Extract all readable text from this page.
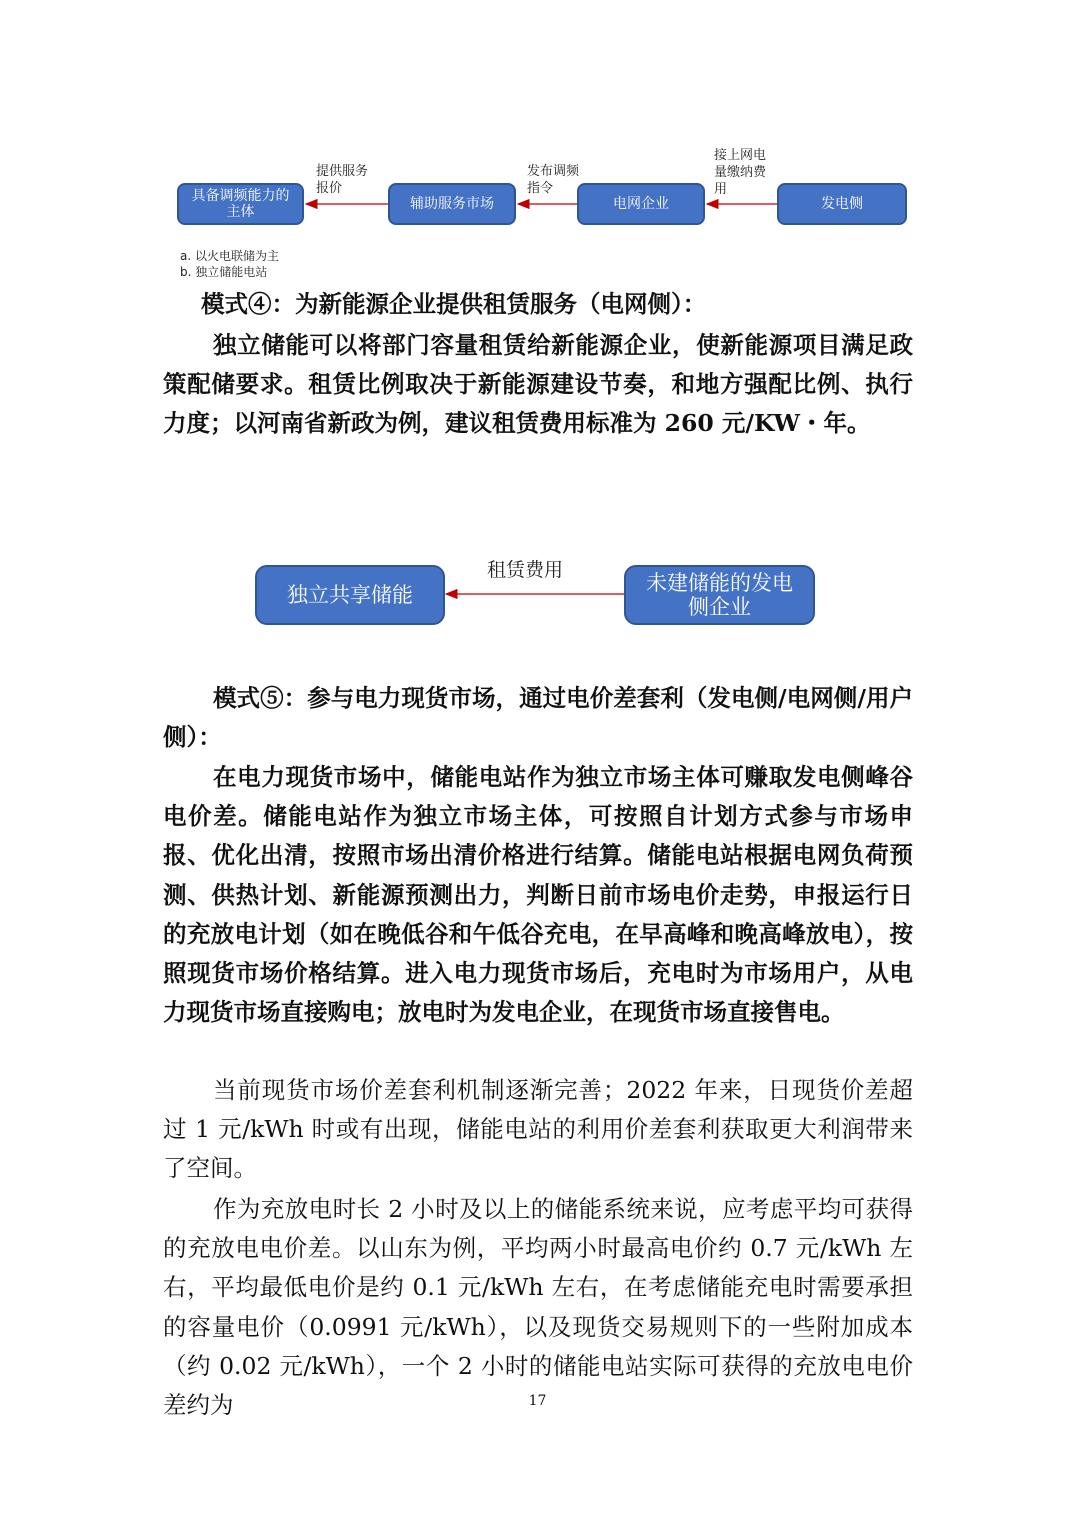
具备调频能力的主体
辅助服务市场	电网企业	发电侧
提供服务
报价
发布调频
指令
接上网电
量缴纳费
用
a. 以火电联储为主
b. 独立储能电站

模式④：为新能源企业提供租赁服务（电网侧）：

独立储能可以将部门容量租赁给新能源企业，使新能源项目满足政策配储要求。租赁比例取决于新能源建设节奏，和地方强配比例、执行力度；以河南省新政为例，建议租赁费用标准为 260 元/KW・年。

独立共享储能
未建储能的发电侧企业
租赁费用

模式⑤：参与电力现货市场，通过电价差套利（发电侧/电网侧/用户侧）：

在电力现货市场中，储能电站作为独立市场主体可赚取发电侧峰谷电价差。储能电站作为独立市场主体，可按照自计划方式参与市场申报、优化出清，按照市场出清价格进行结算。储能电站根据电网负荷预测、供热计划、新能源预测出力，判断日前市场电价走势，申报运行日的充放电计划（如在晚低谷和午低谷充电，在早高峰和晚高峰放电），按照现货市场价格结算。进入电力现货市场后，充电时为市场用户，从电力现货市场直接购电；放电时为发电企业，在现货市场直接售电。

当前现货市场价差套利机制逐渐完善；2022 年来，日现货价差超过 1 元/kWh 时或有出现，储能电站的利用价差套利获取更大利润带来了空间。

作为充放电时长 2 小时及以上的储能系统来说，应考虑平均可获得的充放电电价差。以山东为例，平均两小时最高电价约 0.7 元/kWh 左右，平均最低电价是约 0.1 元/kWh 左右，在考虑储能充电时需要承担的容量电价（0.0991 元/kWh），以及现货交易规则下的一些附加成本（约 0.02 元/kWh），一个 2 小时的储能电站实际可获得的充放电电价差约为	17
